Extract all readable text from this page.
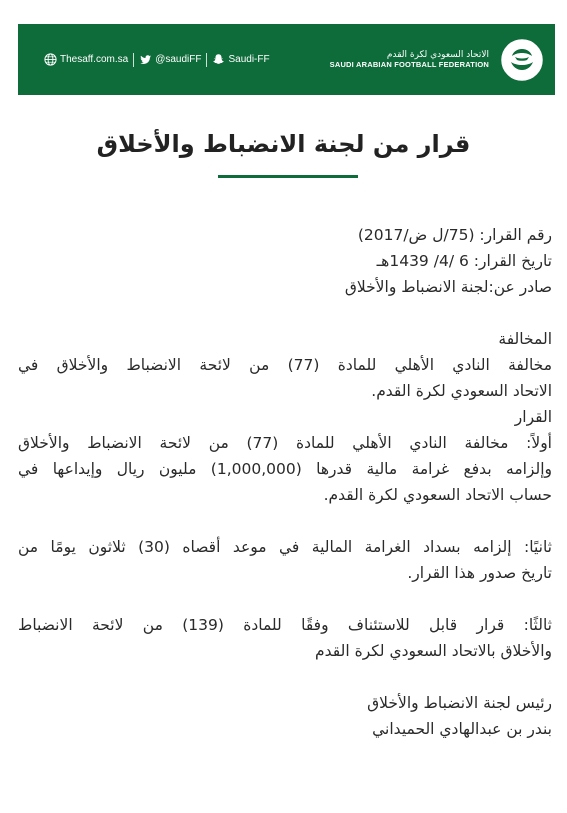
Thesaff.com.sa	@saudiFF	Saudi-FF	الاتحاد السعودي لكرة القدم
SAUDI ARABIAN FOOTBALL FEDERATION
قرار من لجنة الانضباط والأخلاق
رقم القرار: (75/ل ض/2017)
تاريخ القرار: 6 /4/ 1439هـ
صادر عن:لجنة الانضباط والأخلاق
المخالفة
مخالفة النادي الأهلي للمادة (77) من لائحة الانضباط والأخلاق في
الاتحاد السعودي لكرة القدم.
القرار
أولاً: مخالفة النادي الأهلي للمادة (77) من لائحة الانضباط والأخلاق
وإلزامه بدفع غرامة مالية قدرها (1,000,000) مليون ريال وإيداعها في
حساب الاتحاد السعودي لكرة القدم.
ثانيًا: إلزامه بسداد الغرامة المالية في موعد أقصاه (30) ثلاثون يومًا من
تاريخ صدور هذا القرار.
ثالثًا: قرار قابل للاستئناف وفقًا للمادة (139) من لائحة الانضباط
والأخلاق بالاتحاد السعودي لكرة القدم
رئيس لجنة الانضباط والأخلاق
بندر بن عبدالهادي الحميداني
